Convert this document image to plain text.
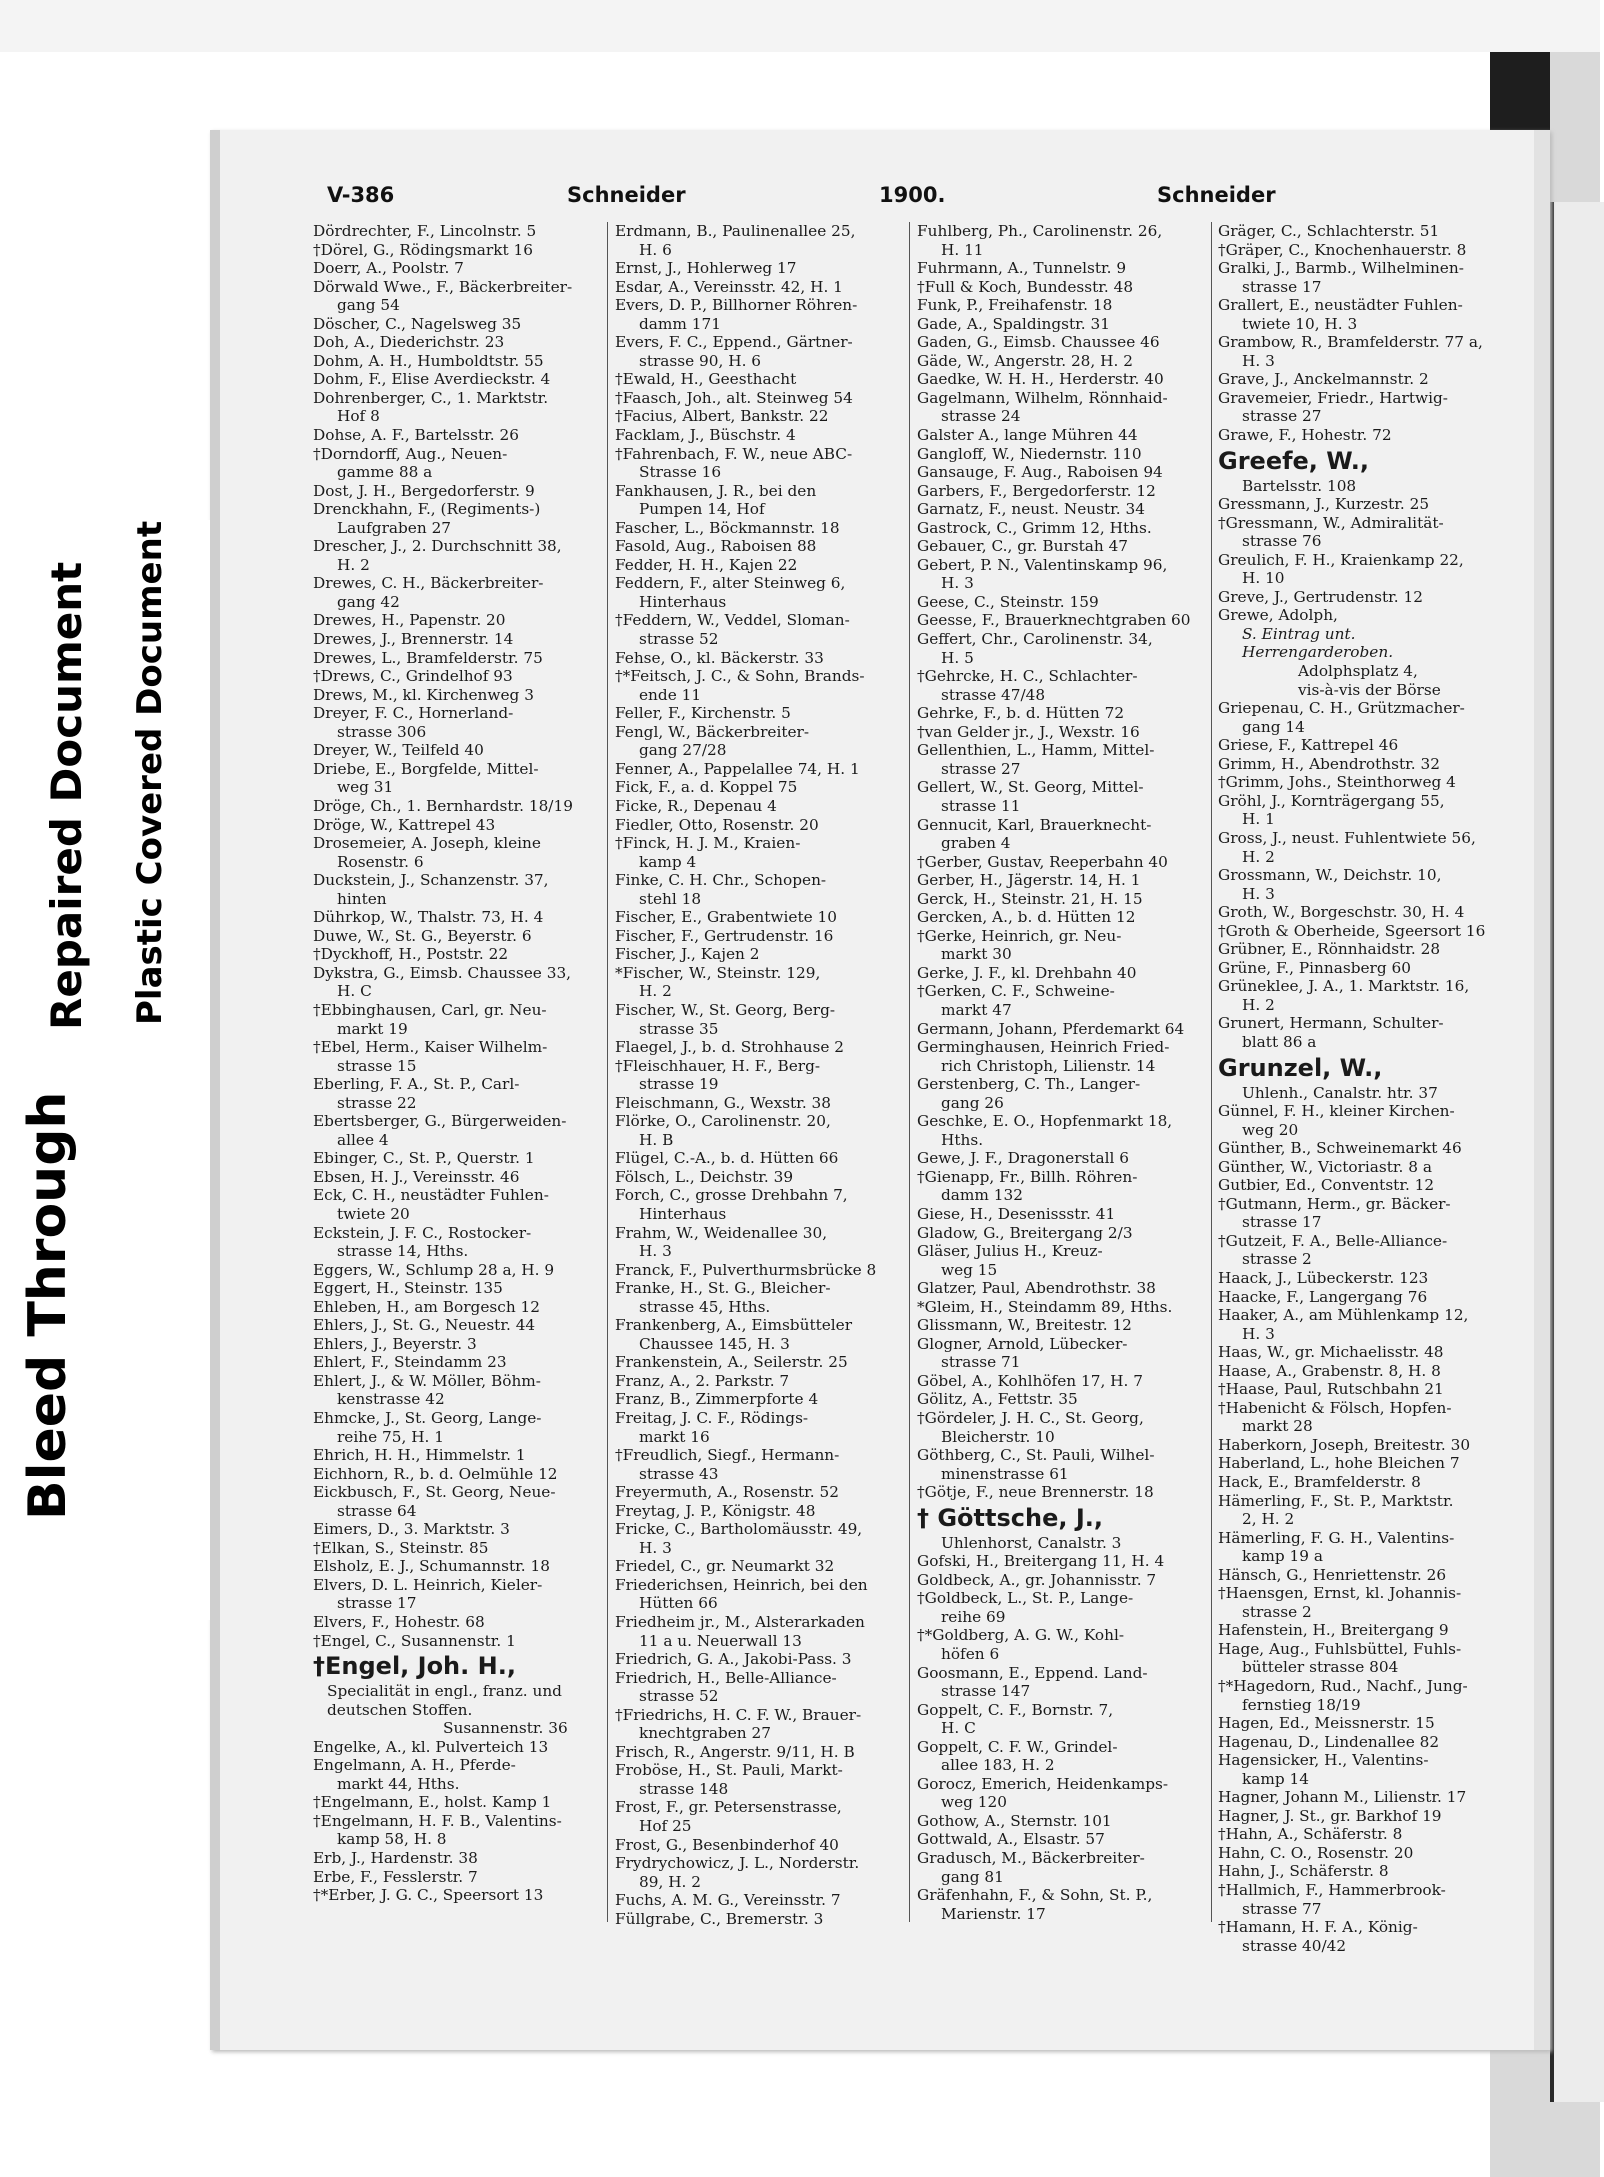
Bleed Through
Repaired Document Plastic Covered Document
V-386	Schneider	1900.	Schneider
Dördrechter, F., Lincolnstr. 5
†Dörel, G., Rödingsmarkt 16
Doerr, A., Poolstr. 7
Dörwald Wwe., F., Bäckerbreiter-
gang 54
Döscher, C., Nagelsweg 35
Doh, A., Diederichstr. 23
Dohm, A. H., Humboldtstr. 55
Dohm, F., Elise Averdieckstr. 4
Dohrenberger, C., 1. Marktstr.
Hof 8
Dohse, A. F., Bartelsstr. 26
†Dorndorff, Aug., Neuen-
gamme 88 a
Dost, J. H., Bergedorferstr. 9
Drenckhahn, F., (Regiments-)
Laufgraben 27
Drescher, J., 2. Durchschnitt 38,
H. 2
Drewes, C. H., Bäckerbreiter-
gang 42
Drewes, H., Papenstr. 20
Drewes, J., Brennerstr. 14
Drewes, L., Bramfelderstr. 75
†Drews, C., Grindelhof 93
Drews, M., kl. Kirchenweg 3
Dreyer, F. C., Hornerland-
strasse 306
Dreyer, W., Teilfeld 40
Driebe, E., Borgfelde, Mittel-
weg 31
Dröge, Ch., 1. Bernhardstr. 18/19
Dröge, W., Kattrepel 43
Drosemeier, A. Joseph, kleine
Rosenstr. 6
Duckstein, J., Schanzenstr. 37,
hinten
Dührkop, W., Thalstr. 73, H. 4
Duwe, W., St. G., Beyerstr. 6
†Dyckhoff, H., Poststr. 22
Dykstra, G., Eimsb. Chaussee 33,
H. C
†Ebbinghausen, Carl, gr. Neu-
markt 19
†Ebel, Herm., Kaiser Wilhelm-
strasse 15
Eberling, F. A., St. P., Carl-
strasse 22
Ebertsberger, G., Bürgerweiden-
allee 4
Ebinger, C., St. P., Querstr. 1
Ebsen, H. J., Vereinsstr. 46
Eck, C. H., neustädter Fuhlen-
twiete 20
Eckstein, J. F. C., Rostocker-
strasse 14, Hths.
Eggers, W., Schlump 28 a, H. 9
Eggert, H., Steinstr. 135
Ehleben, H., am Borgesch 12
Ehlers, J., St. G., Neuestr. 44
Ehlers, J., Beyerstr. 3
Ehlert, F., Steindamm 23
Ehlert, J., & W. Möller, Böhm-
kenstrasse 42
Ehmcke, J., St. Georg, Lange-
reihe 75, H. 1
Ehrich, H. H., Himmelstr. 1
Eichhorn, R., b. d. Oelmühle 12
Eickbusch, F., St. Georg, Neue-
strasse 64
Eimers, D., 3. Marktstr. 3
†Elkan, S., Steinstr. 85
Elsholz, E. J., Schumannstr. 18
Elvers, D. L. Heinrich, Kieler-
strasse 17
Elvers, F., Hohestr. 68
†Engel, C., Susannenstr. 1
†Engel, Joh. H.,
Specialität in engl., franz. und
deutschen Stoffen.
Susannenstr. 36
Engelke, A., kl. Pulverteich 13
Engelmann, A. H., Pferde-
markt 44, Hths.
†Engelmann, E., holst. Kamp 1
†Engelmann, H. F. B., Valentins-
kamp 58, H. 8
Erb, J., Hardenstr. 38
Erbe, F., Fesslerstr. 7
†*Erber, J. G. C., Speersort 13
Erdmann, B., Paulinenallee 25,
H. 6
Ernst, J., Hohlerweg 17
Esdar, A., Vereinsstr. 42, H. 1
Evers, D. P., Billhorner Röhren-
damm 171
Evers, F. C., Eppend., Gärtner-
strasse 90, H. 6
†Ewald, H., Geesthacht
†Faasch, Joh., alt. Steinweg 54
†Facius, Albert, Bankstr. 22
Facklam, J., Büschstr. 4
†Fahrenbach, F. W., neue ABC-
Strasse 16
Fankhausen, J. R., bei den
Pumpen 14, Hof
Fascher, L., Böckmannstr. 18
Fasold, Aug., Raboisen 88
Fedder, H. H., Kajen 22
Feddern, F., alter Steinweg 6,
Hinterhaus
†Feddern, W., Veddel, Sloman-
strasse 52
Fehse, O., kl. Bäckerstr. 33
†*Feitsch, J. C., & Sohn, Brands-
ende 11
Feller, F., Kirchenstr. 5
Fengl, W., Bäckerbreiter-
gang 27/28
Fenner, A., Pappelallee 74, H. 1
Fick, F., a. d. Koppel 75
Ficke, R., Depenau 4
Fiedler, Otto, Rosenstr. 20
†Finck, H. J. M., Kraien-
kamp 4
Finke, C. H. Chr., Schopen-
stehl 18
Fischer, E., Grabentwiete 10
Fischer, F., Gertrudenstr. 16
Fischer, J., Kajen 2
*Fischer, W., Steinstr. 129,
H. 2
Fischer, W., St. Georg, Berg-
strasse 35
Flaegel, J., b. d. Strohhause 2
†Fleischhauer, H. F., Berg-
strasse 19
Fleischmann, G., Wexstr. 38
Flörke, O., Carolinenstr. 20,
H. B
Flügel, C.-A., b. d. Hütten 66
Fölsch, L., Deichstr. 39
Forch, C., grosse Drehbahn 7,
Hinterhaus
Frahm, W., Weidenallee 30,
H. 3
Franck, F., Pulverthurmsbrücke 8
Franke, H., St. G., Bleicher-
strasse 45, Hths.
Frankenberg, A., Eimsbütteler
Chaussee 145, H. 3
Frankenstein, A., Seilerstr. 25
Franz, A., 2. Parkstr. 7
Franz, B., Zimmerpforte 4
Freitag, J. C. F., Rödings-
markt 16
†Freudlich, Siegf., Hermann-
strasse 43
Freyermuth, A., Rosenstr. 52
Freytag, J. P., Königstr. 48
Fricke, C., Bartholomäusstr. 49,
H. 3
Friedel, C., gr. Neumarkt 32
Friederichsen, Heinrich, bei den
Hütten 66
Friedheim jr., M., Alsterarkaden
11 a u. Neuerwall 13
Friedrich, G. A., Jakobi-Pass. 3
Friedrich, H., Belle-Alliance-
strasse 52
†Friedrichs, H. C. F. W., Brauer-
knechtgraben 27
Frisch, R., Angerstr. 9/11, H. B
Froböse, H., St. Pauli, Markt-
strasse 148
Frost, F., gr. Petersenstrasse,
Hof 25
Frost, G., Besenbinderhof 40
Frydrychowicz, J. L., Norderstr.
89, H. 2
Fuchs, A. M. G., Vereinsstr. 7
Füllgrabe, C., Bremerstr. 3
Fuhlberg, Ph., Carolinenstr. 26,
H. 11
Fuhrmann, A., Tunnelstr. 9
†Full & Koch, Bundesstr. 48
Funk, P., Freihafenstr. 18
Gade, A., Spaldingstr. 31
Gaden, G., Eimsb. Chaussee 46
Gäde, W., Angerstr. 28, H. 2
Gaedke, W. H. H., Herderstr. 40
Gagelmann, Wilhelm, Rönnhaid-
strasse 24
Galster A., lange Mühren 44
Gangloff, W., Niedernstr. 110
Gansauge, F. Aug., Raboisen 94
Garbers, F., Bergedorferstr. 12
Garnatz, F., neust. Neustr. 34
Gastrock, C., Grimm 12, Hths.
Gebauer, C., gr. Burstah 47
Gebert, P. N., Valentinskamp 96,
H. 3
Geese, C., Steinstr. 159
Geesse, F., Brauerknechtgraben 60
Geffert, Chr., Carolinenstr. 34,
H. 5
†Gehrcke, H. C., Schlachter-
strasse 47/48
Gehrke, F., b. d. Hütten 72
†van Gelder jr., J., Wexstr. 16
Gellenthien, L., Hamm, Mittel-
strasse 27
Gellert, W., St. Georg, Mittel-
strasse 11
Gennucit, Karl, Brauerknecht-
graben 4
†Gerber, Gustav, Reeperbahn 40
Gerber, H., Jägerstr. 14, H. 1
Gerck, H., Steinstr. 21, H. 15
Gercken, A., b. d. Hütten 12
†Gerke, Heinrich, gr. Neu-
markt 30
Gerke, J. F., kl. Drehbahn 40
†Gerken, C. F., Schweine-
markt 47
Germann, Johann, Pferdemarkt 64
Germinghausen, Heinrich Fried-
rich Christoph, Lilienstr. 14
Gerstenberg, C. Th., Langer-
gang 26
Geschke, E. O., Hopfenmarkt 18,
Hths.
Gewe, J. F., Dragonerstall 6
†Gienapp, Fr., Billh. Röhren-
damm 132
Giese, H., Desenissstr. 41
Gladow, G., Breitergang 2/3
Gläser, Julius H., Kreuz-
weg 15
Glatzer, Paul, Abendrothstr. 38
*Gleim, H., Steindamm 89, Hths.
Glissmann, W., Breitestr. 12
Glogner, Arnold, Lübecker-
strasse 71
Göbel, A., Kohlhöfen 17, H. 7
Gölitz, A., Fettstr. 35
†Gördeler, J. H. C., St. Georg,
Bleicherstr. 10
Göthberg, C., St. Pauli, Wilhel-
minenstrasse 61
†Götje, F., neue Brennerstr. 18
† Göttsche, J.,
Uhlenhorst, Canalstr. 3
Gofski, H., Breitergang 11, H. 4
Goldbeck, A., gr. Johannisstr. 7
†Goldbeck, L., St. P., Lange-
reihe 69
†*Goldberg, A. G. W., Kohl-
höfen 6
Goosmann, E., Eppend. Land-
strasse 147
Goppelt, C. F., Bornstr. 7,
H. C
Goppelt, C. F. W., Grindel-
allee 183, H. 2
Gorocz, Emerich, Heidenkamps-
weg 120
Gothow, A., Sternstr. 101
Gottwald, A., Elsastr. 57
Gradusch, M., Bäckerbreiter-
gang 81
Gräfenhahn, F., & Sohn, St. P.,
Marienstr. 17
Gräger, C., Schlachterstr. 51
†Gräper, C., Knochenhauerstr. 8
Gralki, J., Barmb., Wilhelminen-
strasse 17
Grallert, E., neustädter Fuhlen-
twiete 10, H. 3
Grambow, R., Bramfelderstr. 77 a,
H. 3
Grave, J., Anckelmannstr. 2
Gravemeier, Friedr., Hartwig-
strasse 27
Grawe, F., Hohestr. 72
Greefe, W.,
Bartelsstr. 108
Gressmann, J., Kurzestr. 25
†Gressmann, W., Admiralität-
strasse 76
Greulich, F. H., Kraienkamp 22,
H. 10
Greve, J., Gertrudenstr. 12
Grewe, Adolph,
S. Eintrag unt. Herrengarderoben.
Adolphsplatz 4,
vis-à-vis der Börse
Griepenau, C. H., Grützmacher-
gang 14
Griese, F., Kattrepel 46
Grimm, H., Abendrothstr. 32
†Grimm, Johs., Steinthorweg 4
Gröhl, J., Kornträgergang 55,
H. 1
Gross, J., neust. Fuhlentwiete 56,
H. 2
Grossmann, W., Deichstr. 10,
H. 3
Groth, W., Borgeschstr. 30, H. 4
†Groth & Oberheide, Sgeersort 16
Grübner, E., Rönnhaidstr. 28
Grüne, F., Pinnasberg 60
Grüneklee, J. A., 1. Marktstr. 16,
H. 2
Grunert, Hermann, Schulter-
blatt 86 a
Grunzel, W.,
Uhlenh., Canalstr. htr. 37
Günnel, F. H., kleiner Kirchen-
weg 20
Günther, B., Schweinemarkt 46
Günther, W., Victoriastr. 8 a
Gutbier, Ed., Conventstr. 12
†Gutmann, Herm., gr. Bäcker-
strasse 17
†Gutzeit, F. A., Belle-Alliance-
strasse 2
Haack, J., Lübeckerstr. 123
Haacke, F., Langergang 76
Haaker, A., am Mühlenkamp 12,
H. 3
Haas, W., gr. Michaelisstr. 48
Haase, A., Grabenstr. 8, H. 8
†Haase, Paul, Rutschbahn 21
†Habenicht & Fölsch, Hopfen-
markt 28
Haberkorn, Joseph, Breitestr. 30
Haberland, L., hohe Bleichen 7
Hack, E., Bramfelderstr. 8
Hämerling, F., St. P., Marktstr.
2, H. 2
Hämerling, F. G. H., Valentins-
kamp 19 a
Hänsch, G., Henriettenstr. 26
†Haensgen, Ernst, kl. Johannis-
strasse 2
Hafenstein, H., Breitergang 9
Hage, Aug., Fuhlsbüttel, Fuhls-
bütteler strasse 804
†*Hagedorn, Rud., Nachf., Jung-
fernstieg 18/19
Hagen, Ed., Meissnerstr. 15
Hagenau, D., Lindenallee 82
Hagensicker, H., Valentins-
kamp 14
Hagner, Johann M., Lilienstr. 17
Hagner, J. St., gr. Barkhof 19
†Hahn, A., Schäferstr. 8
Hahn, C. O., Rosenstr. 20
Hahn, J., Schäferstr. 8
†Hallmich, F., Hammerbrook-
strasse 77
†Hamann, H. F. A., König-
strasse 40/42
